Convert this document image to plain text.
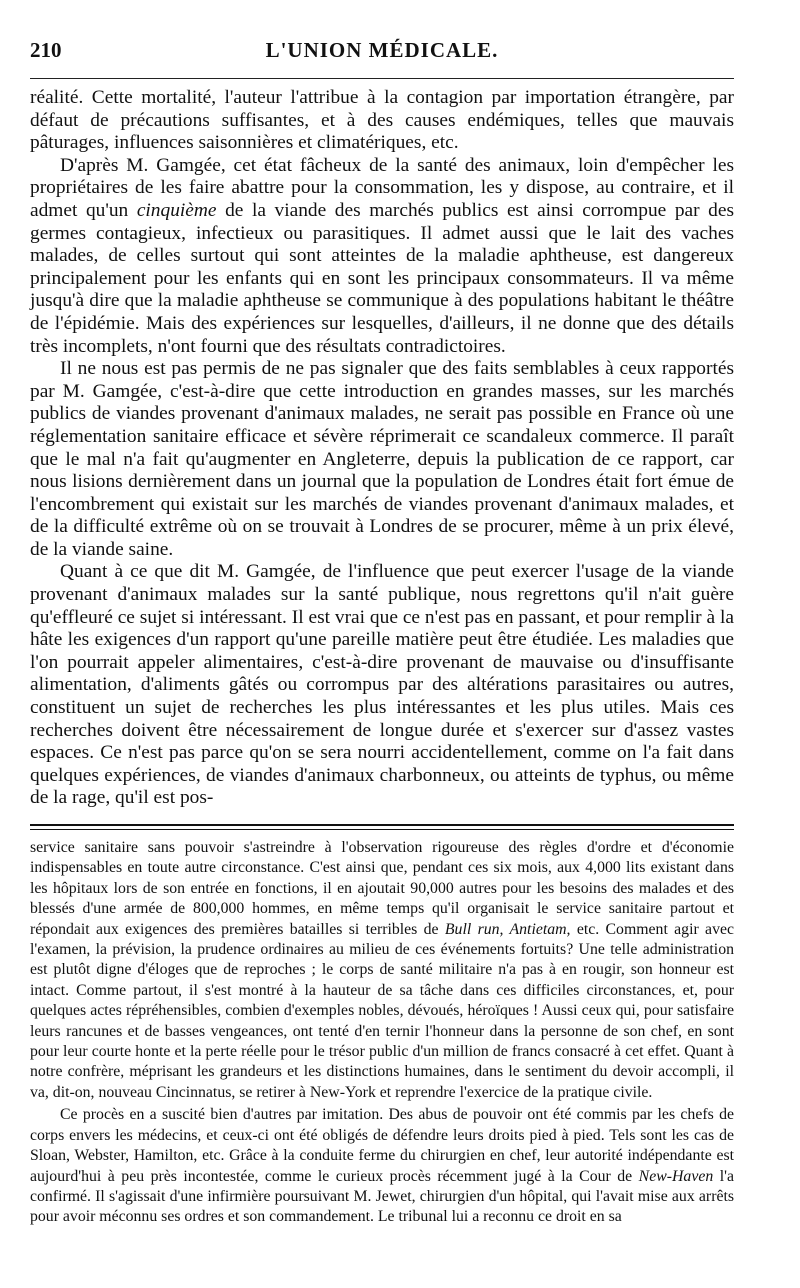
210	L'UNION MÉDICALE.

réalité. Cette mortalité, l'auteur l'attribue à la contagion par importation étrangère, par défaut de précautions suffisantes, et à des causes endémiques, telles que mauvais pâturages, influences saisonnières et climatériques, etc.

D'après M. Gamgée, cet état fâcheux de la santé des animaux, loin d'empêcher les propriétaires de les faire abattre pour la consommation, les y dispose, au contraire, et il admet qu'un cinquième de la viande des marchés publics est ainsi corrompue par des germes contagieux, infectieux ou parasitiques. Il admet aussi que le lait des vaches malades, de celles surtout qui sont atteintes de la maladie aphtheuse, est dangereux principalement pour les enfants qui en sont les principaux consommateurs. Il va même jusqu'à dire que la maladie aphtheuse se communique à des populations habitant le théâtre de l'épidémie. Mais des expériences sur lesquelles, d'ailleurs, il ne donne que des détails très incomplets, n'ont fourni que des résultats contradictoires.

Il ne nous est pas permis de ne pas signaler que des faits semblables à ceux rapportés par M. Gamgée, c'est-à-dire que cette introduction en grandes masses, sur les marchés publics de viandes provenant d'animaux malades, ne serait pas possible en France où une réglementation sanitaire efficace et sévère réprimerait ce scandaleux commerce. Il paraît que le mal n'a fait qu'augmenter en Angleterre, depuis la publication de ce rapport, car nous lisions dernièrement dans un journal que la population de Londres était fort émue de l'encombrement qui existait sur les marchés de viandes provenant d'animaux malades, et de la difficulté extrême où on se trouvait à Londres de se procurer, même à un prix élevé, de la viande saine.

Quant à ce que dit M. Gamgée, de l'influence que peut exercer l'usage de la viande provenant d'animaux malades sur la santé publique, nous regrettons qu'il n'ait guère qu'effleuré ce sujet si intéressant. Il est vrai que ce n'est pas en passant, et pour remplir à la hâte les exigences d'un rapport qu'une pareille matière peut être étudiée. Les maladies que l'on pourrait appeler alimentaires, c'est-à-dire provenant de mauvaise ou d'insuffisante alimentation, d'aliments gâtés ou corrompus par des altérations parasitaires ou autres, constituent un sujet de recherches les plus intéressantes et les plus utiles. Mais ces recherches doivent être nécessairement de longue durée et s'exercer sur d'assez vastes espaces. Ce n'est pas parce qu'on se sera nourri accidentellement, comme on l'a fait dans quelques expériences, de viandes d'animaux charbonneux, ou atteints de typhus, ou même de la rage, qu'il est pos-

service sanitaire sans pouvoir s'astreindre à l'observation rigoureuse des règles d'ordre et d'économie indispensables en toute autre circonstance. C'est ainsi que, pendant ces six mois, aux 4,000 lits existant dans les hôpitaux lors de son entrée en fonctions, il en ajoutait 90,000 autres pour les besoins des malades et des blessés d'une armée de 800,000 hommes, en même temps qu'il organisait le service sanitaire partout et répondait aux exigences des premières batailles si terribles de Bull run, Antietam, etc. Comment agir avec l'examen, la prévision, la prudence ordinaires au milieu de ces événements fortuits? Une telle administration est plutôt digne d'éloges que de reproches ; le corps de santé militaire n'a pas à en rougir, son honneur est intact. Comme partout, il s'est montré à la hauteur de sa tâche dans ces difficiles circonstances, et, pour quelques actes répréhensibles, combien d'exemples nobles, dévoués, héroïques ! Aussi ceux qui, pour satisfaire leurs rancunes et de basses vengeances, ont tenté d'en ternir l'honneur dans la personne de son chef, en sont pour leur courte honte et la perte réelle pour le trésor public d'un million de francs consacré à cet effet. Quant à notre confrère, méprisant les grandeurs et les distinctions humaines, dans le sentiment du devoir accompli, il va, dit-on, nouveau Cincinnatus, se retirer à New-York et reprendre l'exercice de la pratique civile.

Ce procès en a suscité bien d'autres par imitation. Des abus de pouvoir ont été commis par les chefs de corps envers les médecins, et ceux-ci ont été obligés de défendre leurs droits pied à pied. Tels sont les cas de Sloan, Webster, Hamilton, etc. Grâce à la conduite ferme du chirurgien en chef, leur autorité indépendante est aujourd'hui à peu près incontestée, comme le curieux procès récemment jugé à la Cour de New-Haven l'a confirmé. Il s'agissait d'une infirmière poursuivant M. Jewet, chirurgien d'un hôpital, qui l'avait mise aux arrêts pour avoir méconnu ses ordres et son commandement. Le tribunal lui a reconnu ce droit en sa
